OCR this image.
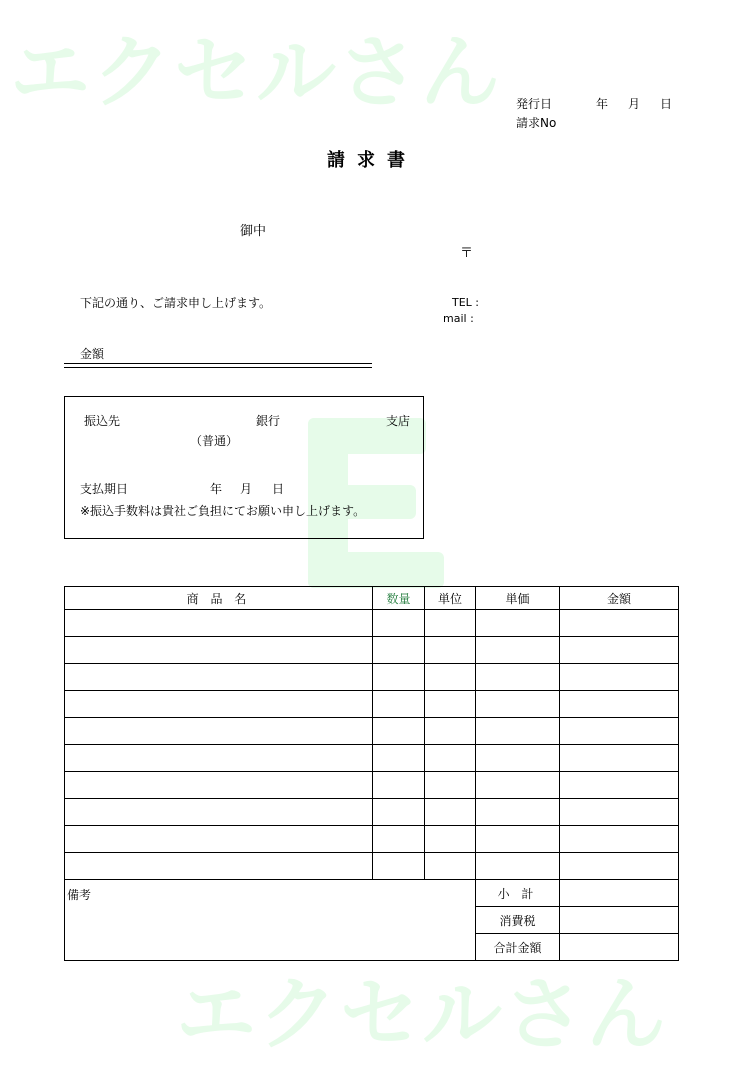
エクセルさん
エクセルさん
発行日	年 月 日
請求No
請求書
御中
〒
下記の通り、ご請求申し上げます。	TEL :
mail :
金額
振込先	銀行	支店
（普通）
支払期日	年 月 日
※振込手数料は貴社ご負担にてお願い申し上げます。
商 品 名	数量	単位	単価	金額

備考			小 計	
			消費税	
			合計金額	
